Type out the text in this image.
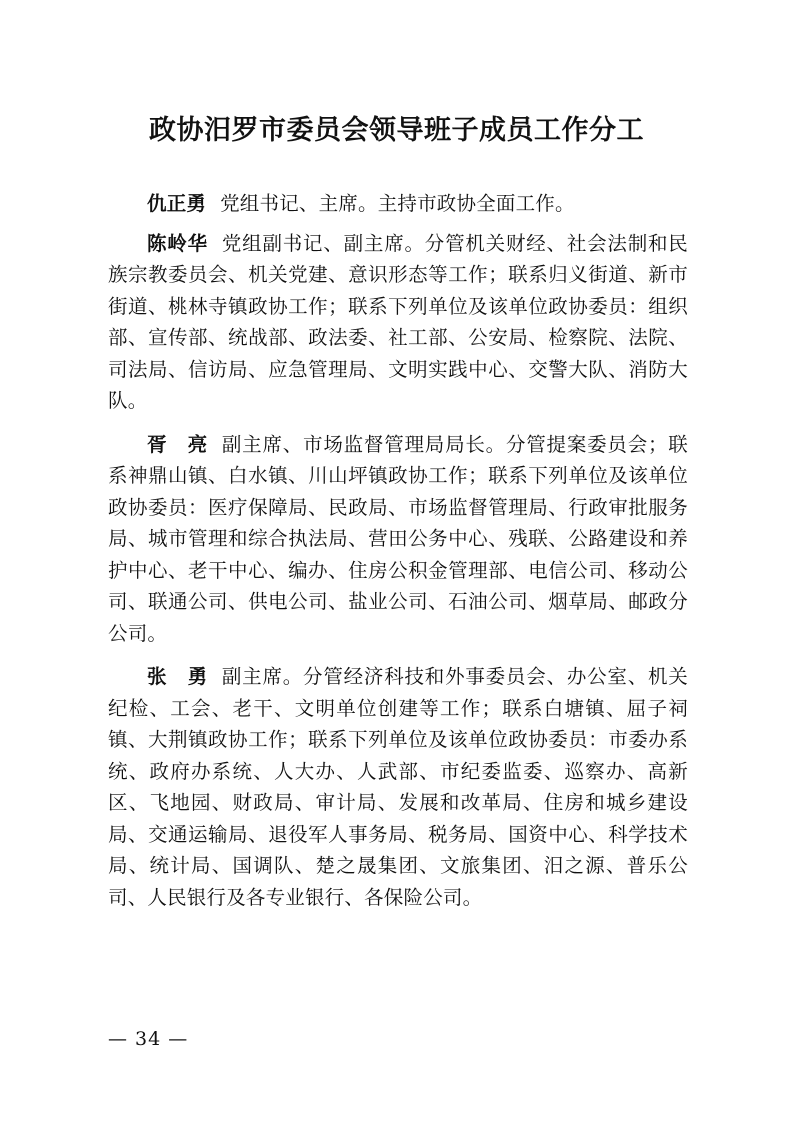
政协汨罗市委员会领导班子成员工作分工

仇正勇 党组书记、主席。主持市政协全面工作。

陈岭华 党组副书记、副主席。分管机关财经、社会法制和民族宗教委员会、机关党建、意识形态等工作；联系归义街道、新市街道、桃林寺镇政协工作；联系下列单位及该单位政协委员：组织部、宣传部、统战部、政法委、社工部、公安局、检察院、法院、司法局、信访局、应急管理局、文明实践中心、交警大队、消防大队。

胥　亮 副主席、市场监督管理局局长。分管提案委员会；联系神鼎山镇、白水镇、川山坪镇政协工作；联系下列单位及该单位政协委员：医疗保障局、民政局、市场监督管理局、行政审批服务局、城市管理和综合执法局、营田公务中心、残联、公路建设和养护中心、老干中心、编办、住房公积金管理部、电信公司、移动公司、联通公司、供电公司、盐业公司、石油公司、烟草局、邮政分公司。

张　勇 副主席。分管经济科技和外事委员会、办公室、机关纪检、工会、老干、文明单位创建等工作；联系白塘镇、屈子祠镇、大荆镇政协工作；联系下列单位及该单位政协委员：市委办系统、政府办系统、人大办、人武部、市纪委监委、巡察办、高新区、飞地园、财政局、审计局、发展和改革局、住房和城乡建设局、交通运输局、退役军人事务局、税务局、国资中心、科学技术局、统计局、国调队、楚之晟集团、文旅集团、汨之源、普乐公司、人民银行及各专业银行、各保险公司。

— 34 —
